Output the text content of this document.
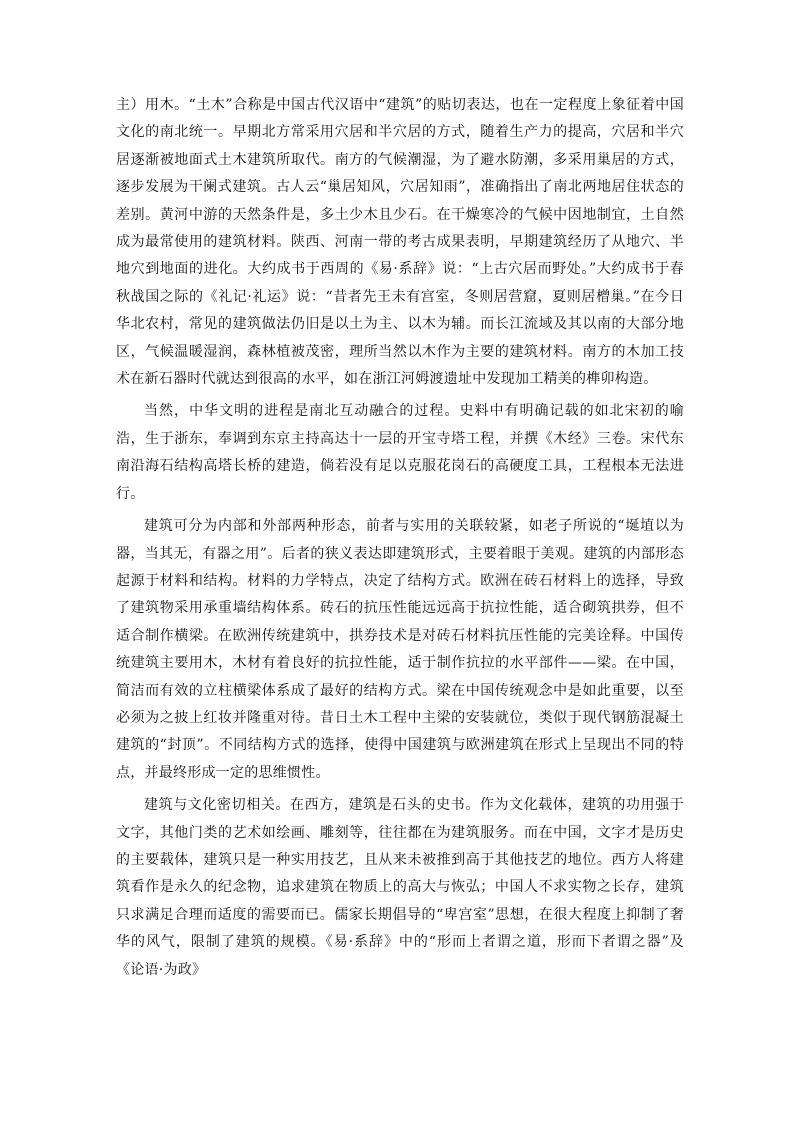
主）用木。“土木”合称是中国古代汉语中“建筑”的贴切表达，也在一定程度上象征着中国文化的南北统一。早期北方常采用穴居和半穴居的方式，随着生产力的提高，穴居和半穴居逐渐被地面式土木建筑所取代。南方的气候潮湿，为了避水防潮，多采用巢居的方式，逐步发展为干阑式建筑。古人云“巢居知风，穴居知雨”，准确指出了南北两地居住状态的差别。黄河中游的天然条件是，多土少木且少石。在干燥寒冷的气候中因地制宜，土自然成为最常使用的建筑材料。陕西、河南一带的考古成果表明，早期建筑经历了从地穴、半地穴到地面的进化。大约成书于西周的《易·系辞》说：“上古穴居而野处。”大约成书于春秋战国之际的《礼记·礼运》说：“昔者先王未有宫室，冬则居营窟，夏则居橧巢。”在今日华北农村，常见的建筑做法仍旧是以土为主、以木为辅。而长江流域及其以南的大部分地区，气候温暖湿润，森林植被茂密，理所当然以木作为主要的建筑材料。南方的木加工技术在新石器时代就达到很高的水平，如在浙江河姆渡遗址中发现加工精美的榫卯构造。

当然，中华文明的进程是南北互动融合的过程。史料中有明确记载的如北宋初的喻浩，生于浙东，奉调到东京主持高达十一层的开宝寺塔工程，并撰《木经》三卷。宋代东南沿海石结构高塔长桥的建造，倘若没有足以克服花岗石的高硬度工具，工程根本无法进行。

建筑可分为内部和外部两种形态，前者与实用的关联较紧，如老子所说的“埏埴以为器，当其无，有器之用”。后者的狭义表达即建筑形式，主要着眼于美观。建筑的内部形态起源于材料和结构。材料的力学特点，决定了结构方式。欧洲在砖石材料上的选择，导致了建筑物采用承重墙结构体系。砖石的抗压性能远远高于抗拉性能，适合砌筑拱券，但不适合制作横梁。在欧洲传统建筑中，拱券技术是对砖石材料抗压性能的完美诠释。中国传统建筑主要用木，木材有着良好的抗拉性能，适于制作抗拉的水平部件——梁。在中国，简洁而有效的立柱横梁体系成了最好的结构方式。梁在中国传统观念中是如此重要，以至必须为之披上红妆并隆重对待。昔日土木工程中主梁的安装就位，类似于现代钢筋混凝土建筑的“封顶”。不同结构方式的选择，使得中国建筑与欧洲建筑在形式上呈现出不同的特点，并最终形成一定的思维惯性。

建筑与文化密切相关。在西方，建筑是石头的史书。作为文化载体，建筑的功用强于文字，其他门类的艺术如绘画、雕刻等，往往都在为建筑服务。而在中国，文字才是历史的主要载体，建筑只是一种实用技艺，且从来未被推到高于其他技艺的地位。西方人将建筑看作是永久的纪念物，追求建筑在物质上的高大与恢弘；中国人不求实物之长存，建筑只求满足合理而适度的需要而已。儒家长期倡导的“卑宫室”思想，在很大程度上抑制了奢华的风气，限制了建筑的规模。《易·系辞》中的“形而上者谓之道，形而下者谓之器”及《论语·为政》
